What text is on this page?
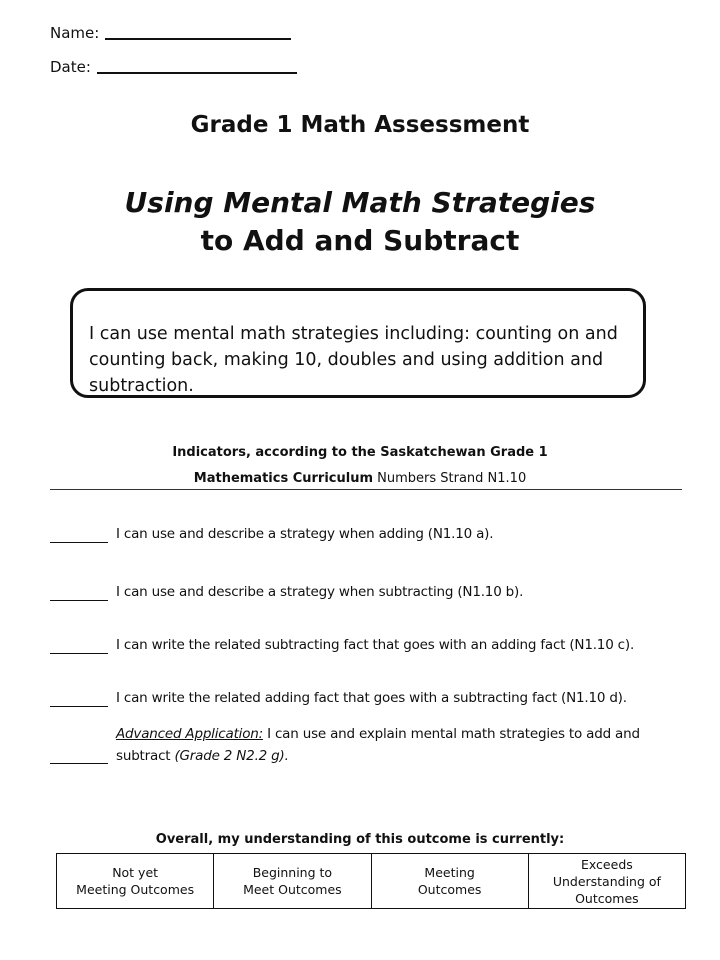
Name:
Date:
Grade 1 Math Assessment
Using Mental Math Strategies
to Add and Subtract
I can use mental math strategies including: counting on and counting back, making 10, doubles and using addition and subtraction.
Indicators, according to the Saskatchewan Grade 1
Mathematics Curriculum Numbers Strand N1.10
I can use and describe a strategy when adding (N1.10 a).
I can use and describe a strategy when subtracting (N1.10 b).
I can write the related subtracting fact that goes with an adding fact (N1.10 c).
I can write the related adding fact that goes with a subtracting fact (N1.10 d).
Advanced Application: I can use and explain mental math strategies to add and subtract (Grade 2 N2.2 g).
Overall, my understanding of this outcome is currently:
Not yet
Meeting Outcomes

Beginning to
Meet Outcomes

Meeting
Outcomes

Exceeds
Understanding of
Outcomes
